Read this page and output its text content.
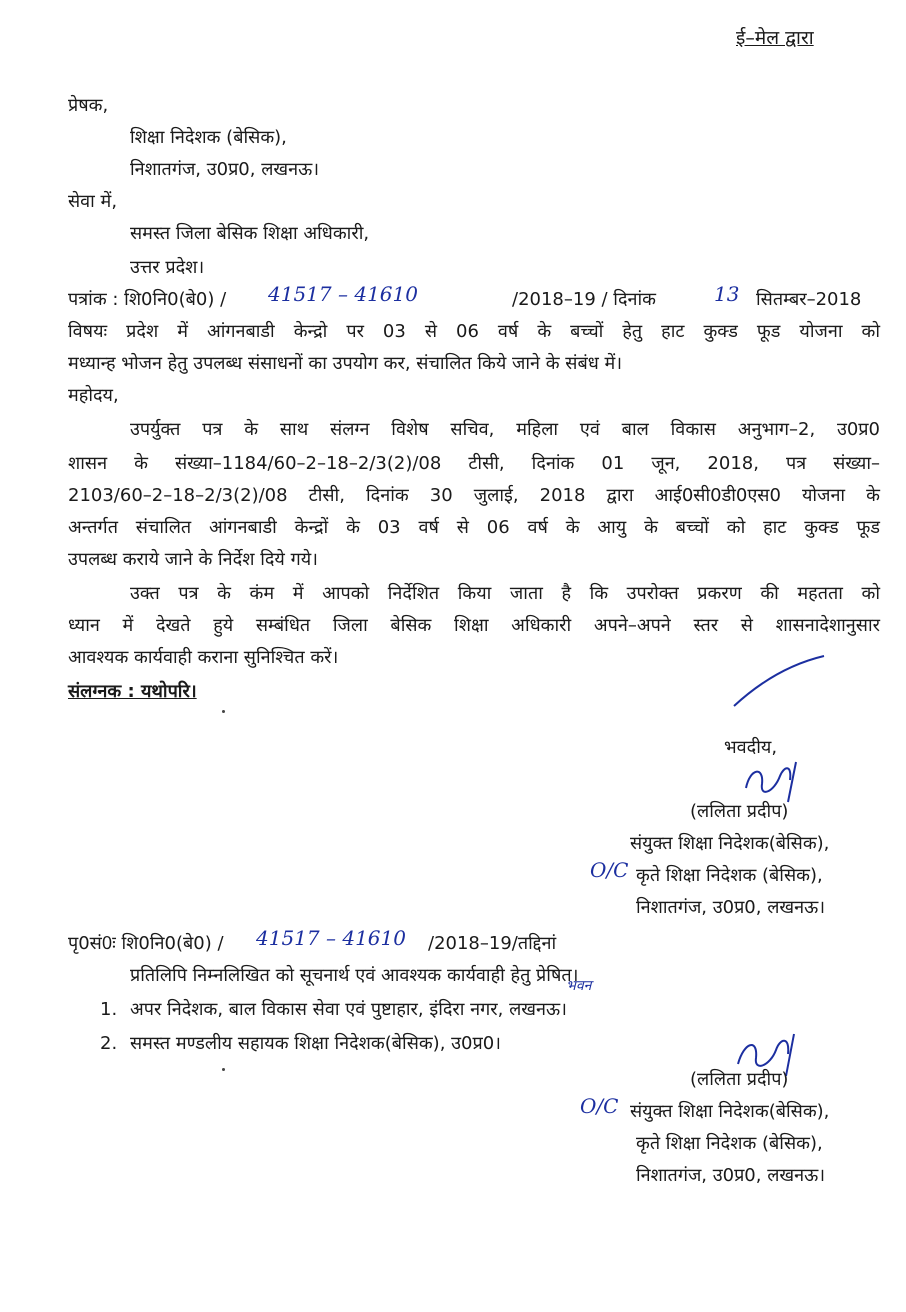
ई–मेल द्वारा
प्रेषक,
शिक्षा निदेशक (बेसिक),
निशातगंज, उ0प्र0, लखनऊ।
सेवा में,
समस्त जिला बेसिक शिक्षा अधिकारी,
उत्तर प्रदेश।
पत्रांक : शि0नि0(बे0) / 41517 – 41610	/2018–19 / दिनांक	13 सितम्बर–2018
विषयः प्रदेश में आंगनबाडी केन्द्रो पर 03 से 06 वर्ष के बच्चों हेतु हाट कुक्ड फूड योजना को
मध्यान्ह भोजन हेतु उपलब्ध संसाधनों का उपयोग कर, संचालित किये जाने के संबंध में।
महोदय,
उपर्युक्त पत्र के साथ संलग्न विशेष सचिव, महिला एवं बाल विकास अनुभाग–2, उ0प्र0
शासन के संख्या–1184/60–2–18–2/3(2)/08 टीसी, दिनांक 01 जून, 2018, पत्र संख्या–
2103/60–2–18–2/3(2)/08 टीसी, दिनांक 30 जुलाई, 2018 द्वारा आई0सी0डी0एस0 योजना के
अन्तर्गत संचालित आंगनबाडी केन्द्रों के 03 वर्ष से 06 वर्ष के आयु के बच्चों को हाट कुक्ड फूड
उपलब्ध कराये जाने के निर्देश दिये गये।
उक्त पत्र के कंम में आपको निर्देशित किया जाता है कि उपरोक्त प्रकरण की महतता को
ध्यान में देखते हुये सम्बंधित जिला बेसिक शिक्षा अधिकारी अपने–अपने स्तर से शासनादेशानुसार
आवश्यक कार्यवाही कराना सुनिश्चित करें।
संलग्नक : यथोपरि।
भवदीय,
(ललिता प्रदीप)
संयुक्त शिक्षा निदेशक(बेसिक),
O/C कृते शिक्षा निदेशक (बेसिक),
निशातगंज, उ0प्र0, लखनऊ।
पृ0सं0ः शि0नि0(बे0) / 41517 – 41610 /2018–19/तद्दिनां
प्रतिलिपि निम्नलिखित को सूचनार्थ एवं आवश्यक कार्यवाही हेतु प्रेषित।
1. अपर निदेशक, बाल विकास सेवा एवं पुष्टाहार, इंदिरा नगर, लखनऊ।
भवन
2. समस्त मण्डलीय सहायक शिक्षा निदेशक(बेसिक), उ0प्र0।
(ललिता प्रदीप)
O/C संयुक्त शिक्षा निदेशक(बेसिक),
कृते शिक्षा निदेशक (बेसिक),
निशातगंज, उ0प्र0, लखनऊ।
